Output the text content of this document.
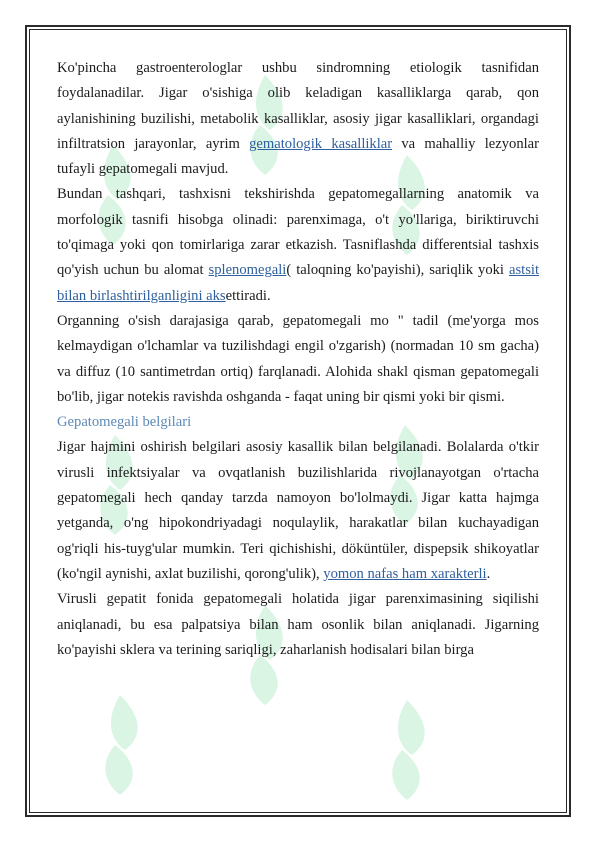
Ko'pincha gastroenterologlar ushbu sindromning etiologik tasnifidan foydalanadilar. Jigar o'sishiga olib keladigan kasalliklarga qarab, qon aylanishining buzilishi, metabolik kasalliklar, asosiy jigar kasalliklari, organdagi infiltratsion jarayonlar, ayrim gematologik kasalliklar va mahalliy lezyonlar tufayli gepatomegali mavjud.

Bundan tashqari, tashxisni tekshirishda gepatomegallarning anatomik va morfologik tasnifi hisobga olinadi: parenximaga, o't yo'llariga, biriktiruvchi to'qimaga yoki qon tomirlariga zarar etkazish. Tasniflashda differentsial tashxis qo'yish uchun bu alomat splenomegali( taloqning ko'payishi), sariqlik yoki astsit bilan birlashtirilganligini aksettiradi.

Organning o'sish darajasiga qarab, gepatomegali mo " tadil (me'yorga mos kelmaydigan o'lchamlar va tuzilishdagi engil o'zgarish) (normadan 10 sm gacha) va diffuz (10 santimetrdan ortiq) farqlanadi. Alohida shakl qisman gepatomegali bo'lib, jigar notekis ravishda oshganda - faqat uning bir qismi yoki bir qismi.

Gepatomegali belgilari

Jigar hajmini oshirish belgilari asosiy kasallik bilan belgilanadi. Bolalarda o'tkir virusli infektsiyalar va ovqatlanish buzilishlarida rivojlanayotgan o'rtacha gepatomegali hech qanday tarzda namoyon bo'lolmaydi. Jigar katta hajmga yetganda, o'ng hipokondriyadagi noqulaylik, harakatlar bilan kuchayadigan og'riqli his-tuyg'ular mumkin. Teri qichishishi, döküntüler, dispepsik shikoyatlar (ko'ngil aynishi, axlat buzilishi, qorong'ulik), yomon nafas ham xarakterli.

Virusli gepatit fonida gepatomegali holatida jigar parenximasining siqilishi aniqlanadi, bu esa palpatsiya bilan ham osonlik bilan aniqlanadi. Jigarning ko'payishi sklera va terining sariqligi, zaharlanish hodisalari bilan birga
